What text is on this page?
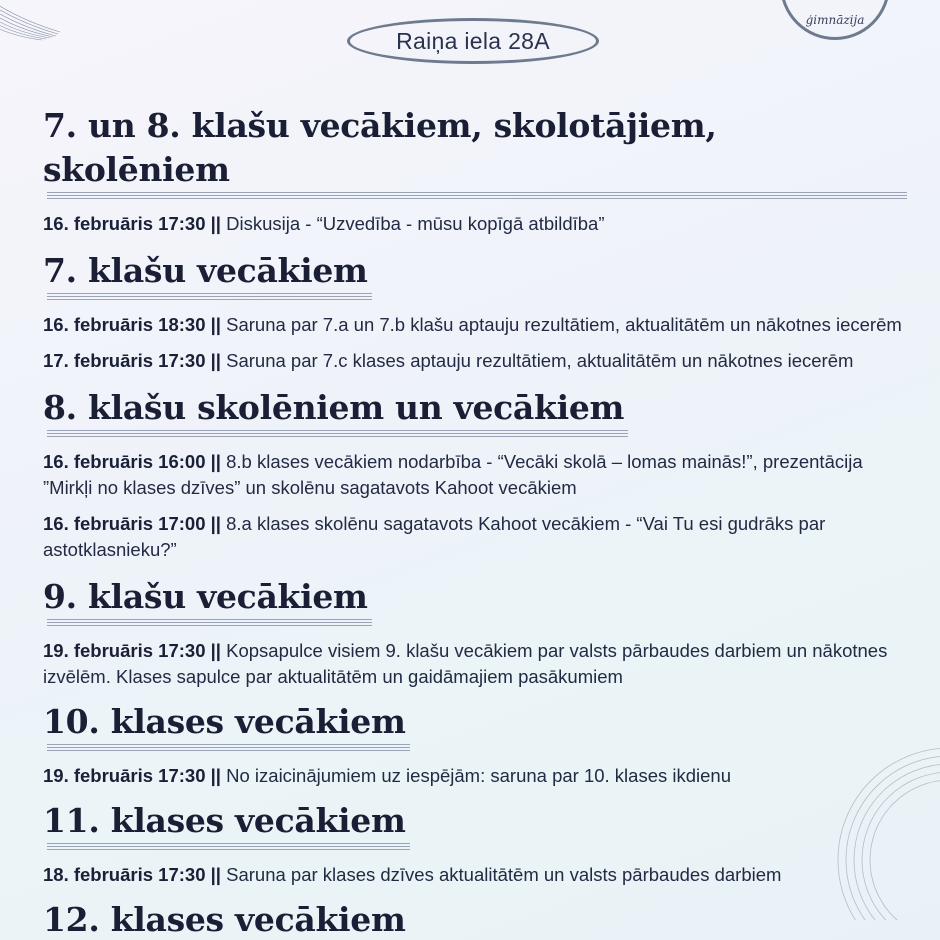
ģimnāzija
Raiņa iela 28A
7. un 8. klašu vecākiem, skolotājiem, skolēniem
16. februāris 17:30 || Diskusija - “Uzvedība - mūsu kopīgā atbildība”
7. klašu vecākiem
16. februāris 18:30 || Saruna par 7.a un 7.b klašu aptauju rezultātiem, aktualitātēm un nākotnes iecerēm
17. februāris 17:30 || Saruna par 7.c klases aptauju rezultātiem, aktualitātēm un nākotnes iecerēm
8. klašu skolēniem un vecākiem
16. februāris 16:00 || 8.b klases vecākiem nodarbība - “Vecāki skolā – lomas mainās!”, prezentācija ”Mirkļi no klases dzīves” un skolēnu sagatavots Kahoot vecākiem
16. februāris 17:00 || 8.a klases skolēnu sagatavots Kahoot vecākiem - “Vai Tu esi gudrāks par astotklasnieku?”
9. klašu vecākiem
19. februāris 17:30 || Kopsapulce visiem 9. klašu vecākiem par valsts pārbaudes darbiem un nākotnes izvēlēm. Klases sapulce par aktualitātēm un gaidāmajiem pasākumiem
10. klases vecākiem
19. februāris 17:30 || No izaicinājumiem uz iespējām: saruna par 10. klases ikdienu
11. klases vecākiem
18. februāris 17:30 || Saruna par klases dzīves aktualitātēm un valsts pārbaudes darbiem
12. klases vecākiem
